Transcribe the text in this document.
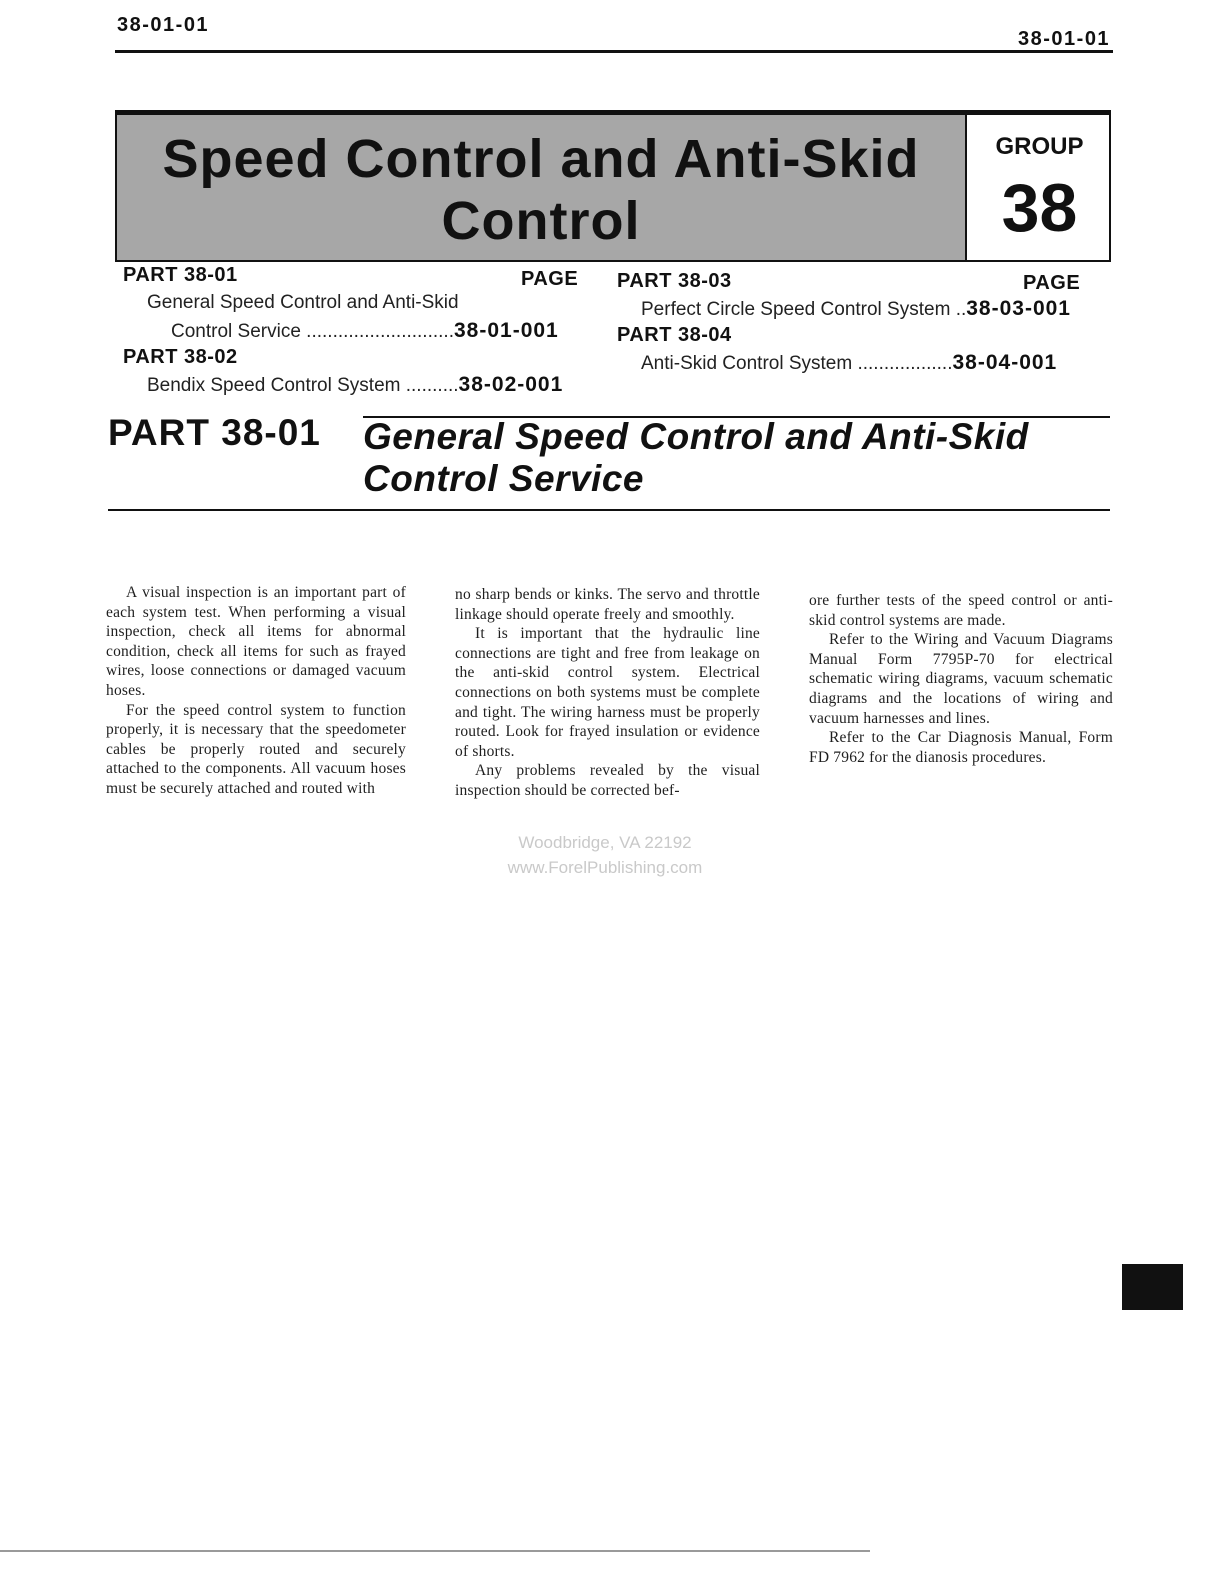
38-01-01
38-01-01
Speed Control and Anti-Skid
Control
GROUP
38
PART 38-01	PAGE
General Speed Control and Anti-Skid
Control Service ............................38-01-001
PART 38-02
Bendix Speed Control System ..........38-02-001
PART 38-03	PAGE
Perfect Circle Speed Control System ..38-03-001
PART 38-04
Anti-Skid Control System ..................38-04-001
PART 38-01 General Speed Control and Anti-Skid
Control Service

A visual inspection is an important part of each system test. When performing a visual inspection, check all items for abnormal condition, check all items for such as frayed wires, loose connections or damaged vacuum hoses.

For the speed control system to function properly, it is necessary that the speedometer cables be properly routed and securely attached to the components. All vacuum hoses must be securely attached and routed with

no sharp bends or kinks. The servo and throttle linkage should operate freely and smoothly.

It is important that the hydraulic line connections are tight and free from leakage on the anti-skid control system. Electrical connections on both systems must be complete and tight. The wiring harness must be properly routed. Look for frayed insulation or evidence of shorts.

Any problems revealed by the visual inspection should be corrected bef-

ore further tests of the speed control or anti-skid control systems are made.

Refer to the Wiring and Vacuum Diagrams Manual Form 7795P-70 for electrical schematic wiring diagrams, vacuum schematic diagrams and the locations of wiring and vacuum harnesses and lines.

Refer to the Car Diagnosis Manual, Form FD 7962 for the dianosis procedures.

Woodbridge, VA 22192
www.ForelPublishing.com
